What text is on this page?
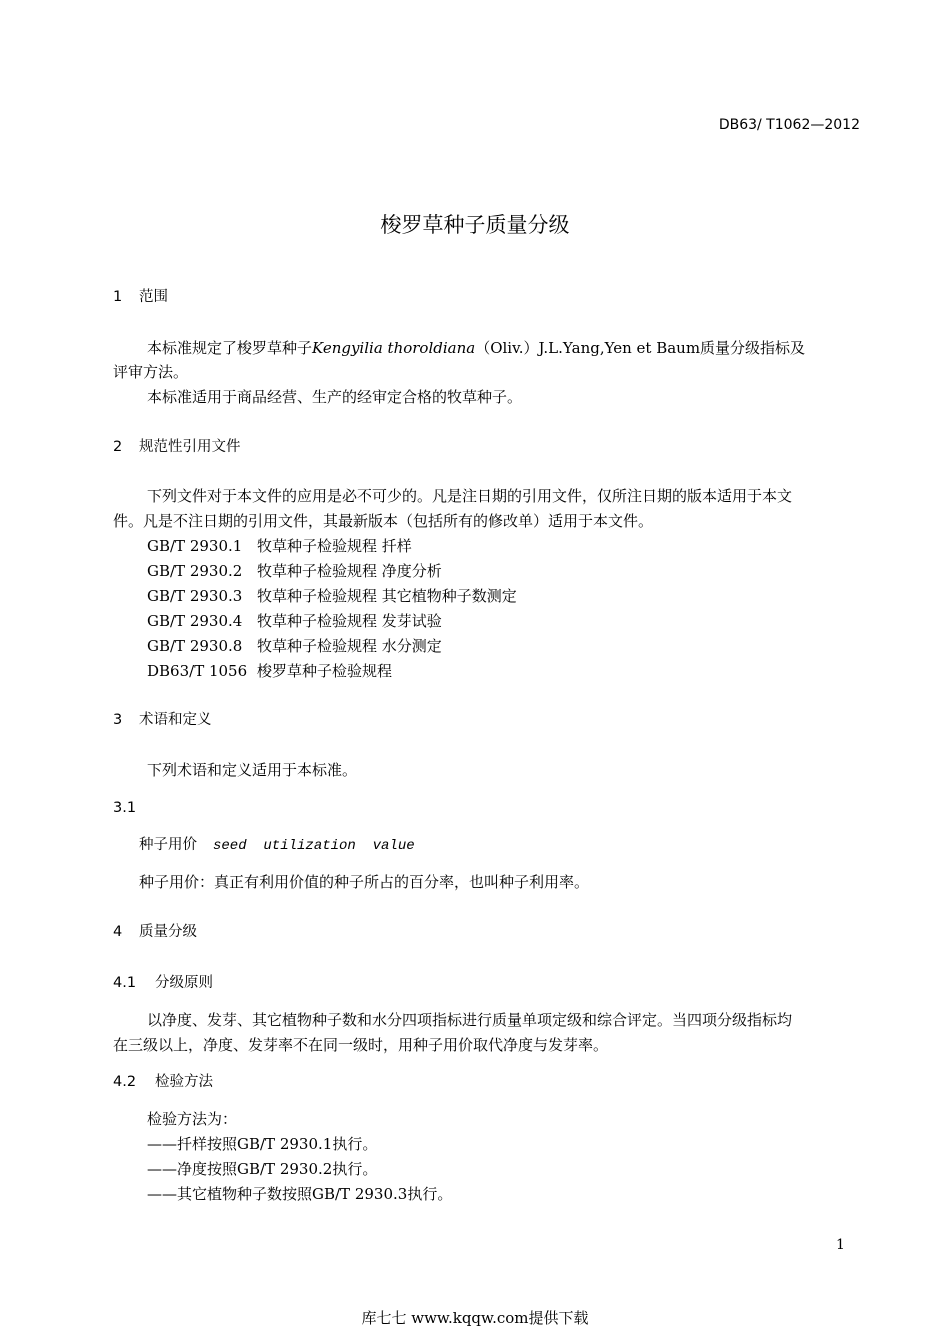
DB63/ T1062—2012
梭罗草种子质量分级
1 范围
本标准规定了梭罗草种子Kengyilia thoroldiana（Oliv.）J.L.Yang,Yen et Baum质量分级指标及
评审方法。
本标准适用于商品经营、生产的经审定合格的牧草种子。
2 规范性引用文件
下列文件对于本文件的应用是必不可少的。凡是注日期的引用文件，仅所注日期的版本适用于本文
件。凡是不注日期的引用文件，其最新版本（包括所有的修改单）适用于本文件。
GB/T 2930.1 牧草种子检验规程 扦样
GB/T 2930.2 牧草种子检验规程 净度分析
GB/T 2930.3 牧草种子检验规程 其它植物种子数测定
GB/T 2930.4 牧草种子检验规程 发芽试验
GB/T 2930.8 牧草种子检验规程 水分测定
DB63/T 1056 梭罗草种子检验规程
3 术语和定义
下列术语和定义适用于本标准。
3.1
种子用价 seed  utilization  value
种子用价：真正有利用价值的种子所占的百分率，也叫种子利用率。
4 质量分级
4.1 分级原则
以净度、发芽、其它植物种子数和水分四项指标进行质量单项定级和综合评定。当四项分级指标均
在三级以上，净度、发芽率不在同一级时，用种子用价取代净度与发芽率。
4.2 检验方法
检验方法为：
——扦样按照GB/T 2930.1执行。
——净度按照GB/T 2930.2执行。
——其它植物种子数按照GB/T 2930.3执行。
1
库七七 www.kqqw.com提供下载
